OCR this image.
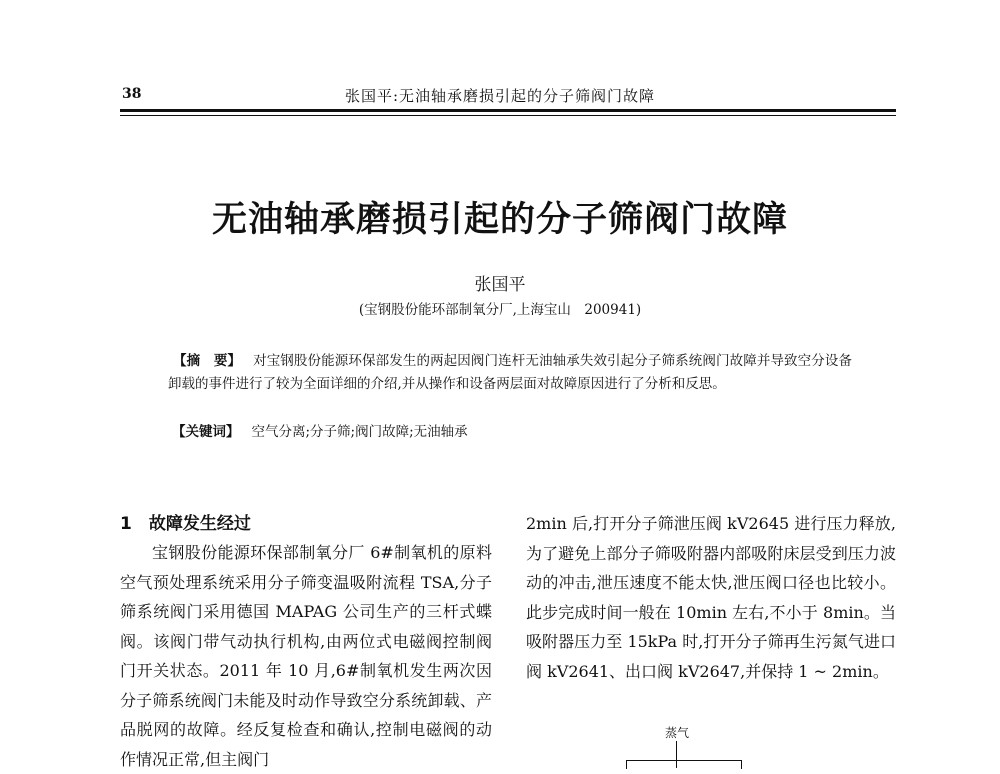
38	张国平:无油轴承磨损引起的分子筛阀门故障
无油轴承磨损引起的分子筛阀门故障
张国平
(宝钢股份能环部制氧分厂,上海宝山　200941)
【摘　要】 对宝钢股份能源环保部发生的两起因阀门连杆无油轴承失效引起分子筛系统阀门故障并导致空分设备卸载的事件进行了较为全面详细的介绍,并从操作和设备两层面对故障原因进行了分析和反思。
【关键词】 空气分离;分子筛;阀门故障;无油轴承
1　故障发生经过
宝钢股份能源环保部制氧分厂 6#制氧机的原料空气预处理系统采用分子筛变温吸附流程 TSA,分子筛系统阀门采用德国 MAPAG 公司生产的三杆式蝶阀。该阀门带气动执行机构,由两位式电磁阀控制阀门开关状态。2011 年 10 月,6#制氧机发生两次因分子筛系统阀门未能及时动作导致空分系统卸载、产品脱网的故障。经反复检查和确认,控制电磁阀的动作情况正常,但主阀门
2min 后,打开分子筛泄压阀 kV2645 进行压力释放,为了避免上部分子筛吸附器内部吸附床层受到压力波动的冲击,泄压速度不能太快,泄压阀口径也比较小。此步完成时间一般在 10min 左右,不小于 8min。当吸附器压力至 15kPa 时,打开分子筛再生污氮气进口阀 kV2641、出口阀 kV2647,并保持 1 ~ 2min。
蒸气
